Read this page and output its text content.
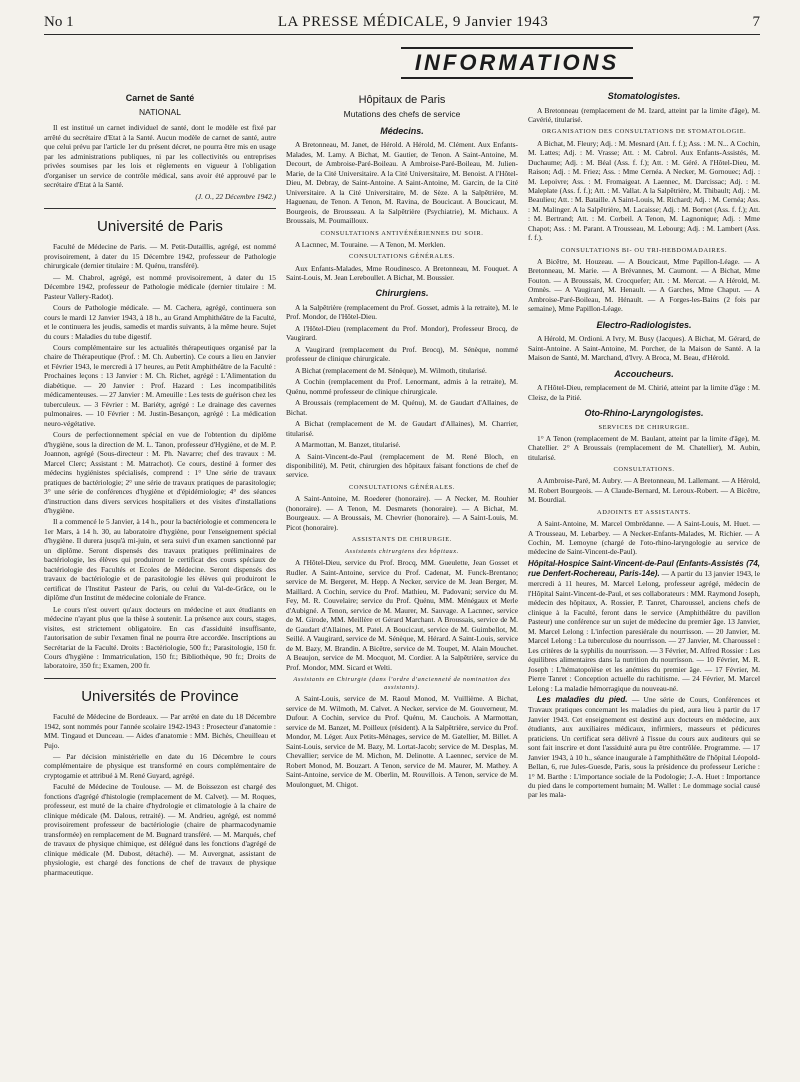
No 1	LA PRESSE MÉDICALE, 9 Janvier 1943	7
INFORMATIONS
Carnet de Santé
NATIONAL

Il est institué un carnet individuel de santé, dont le modèle est fixé par arrêté du secrétaire d'Etat à la Santé. Aucun modèle de carnet de santé, autre que celui prévu par l'article 1er du présent décret, ne pourra être mis en usage par les administrations publiques, ni par les collectivités ou entreprises privées soumises par les lois et règlements en vigueur à l'obligation d'organiser un service de contrôle médical, sans avoir été approuvé par le secrétaire d'Etat à la Santé.

(J. O., 22 Décembre 1942.)

Université de Paris

Faculté de Médecine de Paris. — M. Petit-Dutaillis, agrégé, est nommé provisoirement, à dater du 15 Décembre 1942, professeur de Pathologie chirurgicale (dernier titulaire : M. Quénu, transféré).

— M. Chabrol, agrégé, est nommé provisoirement, à dater du 15 Décembre 1942, professeur de Pathologie médicale (dernier titulaire : M. Pasteur Vallery-Radot).

Cours de Pathologie médicale. — M. Cachera, agrégé, continuera son cours le mardi 12 Janvier 1943, à 18 h., au Grand Amphithéâtre de la Faculté, et le continuera les jeudis, samedis et mardis suivants, à la même heure. Sujet du cours : Maladies du tube digestif.

Cours complémentaire sur les actualités thérapeutiques organisé par la chaire de Thérapeutique (Prof. : M. Ch. Aubertin). Ce cours a lieu en Janvier et Février 1943, le mercredi à 17 heures, au Petit Amphithéâtre de la Faculté : Prochaines leçons : 13 Janvier : M. Ch. Richet, agrégé : L'Alimentation du diabétique. — 20 Janvier : Prof. Hazard : Les incompatibilités médicamenteuses. — 27 Janvier : M. Ameuille : Les tests de guérison chez les tuberculeux. — 3 Février : M. Bariéty, agrégé : Le drainage des cavernes pulmonaires. — 10 Février : M. Justin-Besançon, agrégé : La médication neuro-végétative.

Cours de perfectionnement spécial en vue de l'obtention du diplôme d'hygiène, sous la direction de M. L. Tanon, professeur d'Hygiène, et de M. P. Joannon, agrégé (Sous-directeur : M. Ph. Navarre; chef des travaux : M. Marcel Clerc; Assistant : M. Matrachot). Ce cours, destiné à former des médecins hygiénistes spécialisés, comprend : 1° Une série de travaux pratiques de bactériologie; 2° une série de travaux pratiques de parasitologie; 3° une série de conférences d'hygiène et d'épidémiologie; 4° des séances d'instruction dans divers services hospitaliers et des visites d'installations d'hygiène.

Il a commencé le 5 Janvier, à 14 h., pour la bactériologie et commencera le 1er Mars, à 14 h. 30, au laboratoire d'hygiène, pour l'enseignement spécial d'hygiène. Il durera jusqu'à mi-juin, et sera suivi d'un examen sanctionné par un diplôme. Seront dispensés des travaux pratiques préliminaires de bactériologie, les élèves qui produiront le certificat des cours spéciaux de bactériologie des Facultés et Ecoles de Médecine. Seront dispensés des travaux de bactériologie et de parasitologie les élèves qui produiront le certificat de l'Institut Pasteur de Paris, ou celui du Val-de-Grâce, ou le diplôme d'un Institut de médecine coloniale de France.

Le cours n'est ouvert qu'aux docteurs en médecine et aux étudiants en médecine n'ayant plus que la thèse à soutenir. La présence aux cours, stages, visites, est strictement obligatoire. En cas d'assiduité insuffisante, l'autorisation de subir l'examen final ne pourra être accordée. Inscriptions au Secrétariat de la Faculté. Droits : Bactériologie, 500 fr.; Parasitologie, 150 fr. Cours d'hygiène : Immatriculation, 150 fr.; Bibliothèque, 90 fr.; Droits de laboratoire, 350 fr.; Examen, 200 fr.

Universités de Province

Faculté de Médecine de Bordeaux. — Par arrêté en date du 18 Décembre 1942, sont nommés pour l'année scolaire 1942-1943 : Prosecteur d'anatomie : MM. Tingaud et Dunceau. — Aides d'anatomie : MM. Bichès, Cheuilleau et Pujo.

— Par décision ministérielle en date du 16 Décembre le cours complémentaire de physique est transformé en cours complémentaire de cryptogamie et attribué à M. René Guyard, agrégé.

Faculté de Médecine de Toulouse. — M. de Boissezon est chargé des fonctions d'agrégé d'histologie (remplacement de M. Calvet). — M. Roques, professeur, est muté de la chaire d'hydrologie et climatologie à la chaire de clinique médicale (M. Dalous, retraité). — M. Andrieu, agrégé, est nommé provisoirement professeur de bactériologie (chaire de pharmacodynamie transformée) en remplacement de M. Bugnard transféré. — M. Marqués, chef de travaux de physique chimique, est délégué dans les fonctions d'agrégé de clinique médicale (M. Dubost, détaché). — M. Auvergnat, assistant de physiologie, est chargé des fonctions de chef de travaux de physique pharmaceutique.

Hôpitaux de Paris
Mutations des chefs de service
Médecins.

A Bretonneau, M. Janet, de Hérold. A Hérold, M. Clément. Aux Enfants-Malades, M. Lamy. A Bichat, M. Gautier, de Tenon. A Saint-Antoine, M. Decourt, de Ambroise-Paré-Boileau. A Ambroise-Paré-Boileau, M. Julien-Marie, de la Cité Universitaire. A la Cité Universitaire, M. Benoist. A l'Hôtel-Dieu, M. Debray, de Saint-Antoine. A Saint-Antoine, M. Garcin, de la Cité Universitaire. A la Cité Universitaire, M. de Sèze. A la Salpêtrière, M. Haguenau, de Tenon. A Tenon, M. Ravina, de Boucicaut. A Boucicaut, M. Bourgeois, de Brousseau. A la Salpêtrière (Psychiatrie), M. Michaux. A Broussais, M. Poumailloux.

CONSULTATIONS ANTIVÉNÉRIENNES DU SOIR.

A Lacnnec, M. Touraine. — A Tenon, M. Merklen.

CONSULTATIONS GÉNÉRALES.

Aux Enfants-Malades, Mme Roudinesco. A Bretonneau, M. Fouquet. A Saint-Louis, M. Jean Lereboullet. A Bichat, M. Boussier.

Chirurgiens.

A la Salpêtrière (remplacement du Prof. Gosset, admis à la retraite), M. le Prof. Mondor, de l'Hôtel-Dieu.

A l'Hôtel-Dieu (remplacement du Prof. Mondor), Professeur Brocq, de Vaugirard.

A Vaugirard (remplacement du Prof. Brocq), M. Sénèque, nommé professeur de clinique chirurgicale.

A Bichat (remplacement de M. Sénèque), M. Wilmoth, titularisé.

A Cochin (remplacement du Prof. Lenormant, admis à la retraite), M. Quénu, nommé professeur de clinique chirurgicale.

A Broussais (remplacement de M. Quénu), M. de Gaudart d'Allaines, de Bichat.

A Bichat (remplacement de M. de Gaudart d'Allaines), M. Charrier, titularisé.

A Marmottan, M. Banzet, titularisé.

A Saint-Vincent-de-Paul (remplacement de M. René Bloch, en disponibilité), M. Petit, chirurgien des hôpitaux faisant fonctions de chef de service.

CONSULTATIONS GÉNÉRALES.

A Saint-Antoine, M. Roederer (honoraire). — A Necker, M. Rouhier (honoraire). — A Tenon, M. Desmarets (honoraire). — A Bichat, M. Bourgeaux. — A Broussais, M. Chevrier (honoraire). — A Saint-Louis, M. Picot (honoraire).

ASSISTANTS DE CHIRURGIE.
Assistants chirurgiens des hôpitaux.

A l'Hôtel-Dieu, service du Prof. Brocq, MM. Gueulette, Jean Gosset et Rudler. A Saint-Antoine, service du Prof. Cadenat, M. Funck-Brentano; service de M. Bergeret, M. Hepp. A Necker, service de M. Jean Berger, M. Maillard. A Cochin, service du Prof. Mathieu, M. Padovani; service du M. Fey, M. R. Couvelaire; service du Prof. Quénu, MM. Ménégaux et Merle d'Aubigné. A Tenon, service de M. Maurer, M. Sauvage. A Lacnnec, service de M. Girode, MM. Meillère et Gérard Marchant. A Broussais, service de M. de Gaudart d'Allaines, M. Patel. A Boucicaut, service de M. Guimbellot, M. Seillé. A Vaugirard, service de M. Sénèque, M. Hérard. A Saint-Louis, service de M. Bazy, M. Brandin. A Bicêtre, service de M. Toupet, M. Alain Mouchet. A Beaujon, service de M. Mocquot, M. Cordier. A la Salpêtrière, service du Prof. Mondor, MM. Sicard et Welti.

Assistants en Chirurgie (dans l'ordre d'ancienneté de nomination des assistants).

A Saint-Louis, service de M. Raoul Monod, M. Vuillième. A Bichat, service de M. Wilmoth, M. Calvet. A Necker, service de M. Gouverneur, M. Dufour. A Cochin, service du Prof. Quénu, M. Cauchois. A Marmottan, service de M. Banzet, M. Poilleux (résident). A la Salpêtrière, service du Prof. Mondor, M. Léger. Aux Petits-Ménages, service de M. Gatellier, M. Billet. A Saint-Louis, service de M. Bazy, M. Lortat-Jacob; service de M. Desplas, M. Chevallier; service de M. Michon, M. Delinotte. A Laennec, service de M. Robert Monod, M. Bouzart. A Tenon, service de M. Maurer, M. Mathey. A Saint-Antoine, service de M. Oberlin, M. Rouvillois. A Tenon, service de M. Moulonguet, M. Chigot.

Stomatologistes.

A Bretonneau (remplacement de M. Izard, atteint par la limite d'âge), M. Cavérié, titularisé.

ORGANISATION DES CONSULTATIONS DE STOMATOLOGIE.

A Bichat, M. Fleury; Adj. : M. Mesnard (Att. f. f.); Ass. : M. N... A Cochin, M. Lattes; Adj. : M. Vrasse; Att. : M. Cabrol. Aux Enfants-Assistés, M. Duchaume; Adj. : M. Béal (Ass. f. f.); Att. : M. Géré. A l'Hôtel-Dieu, M. Raison; Adj. : M. Friez; Ass. : Mme Cernéa. A Necker, M. Gornouec; Adj. : M. Lepoivre; Ass. : M. Fromaigeat. A Laennec, M. Darcissac; Adj. : M. Maleplate (Ass. f. f.); Att. : M. Vallat. A la Salpêtrière, M. Thibault; Adj. : M. Beaulieu; Att. : M. Bataille. A Saint-Louis, M. Richard; Adj. : M. Cernéa; Ass. : M. Malinger. A la Salpêtrière, M. Lacaisse; Adj. : M. Bornet (Ass. f. f.); Att. : M. Bertrand; Att. : M. Corbeil. A Tenon, M. Lagnonique; Adj. : Mme Chapot; Ass. : M. Parant. A Trousseau, M. Lebourg; Adj. : M. Lambert (Ass. f. f.).

CONSULTATIONS BI- OU TRI-HEBDOMADAIRES.

A Bicêtre, M. Houzeau. — A Boucicaut, Mme Papillon-Léage. — A Bretonneau, M. Marie. — A Brévannes, M. Caumont. — A Bichat, Mme Fouton. — A Broussais, M. Crocquefer; Att. : M. Mercat. — A Hérold, M. Omnès. — A Vaugirard, M. Henault. — A Garches, Mme Chaput. — A Ambroise-Paré-Boileau, M. Hénault. — A Forges-les-Bains (2 fois par semaine), Mme Papillon-Léage.

Electro-Radiologistes.

A Hérold, M. Ordioni. A Ivry, M. Busy (Jacques). A Bichat, M. Gérard, de Saint-Antoine. A Saint-Antoine, M. Porcher, de la Maison de Santé. A la Maison de Santé, M. Marchand, d'Ivry. A Broca, M. Beau, d'Hérold.

Accoucheurs.

A l'Hôtel-Dieu, remplacement de M. Chirié, atteint par la limite d'âge : M. Cleisz, de la Pitié.

Oto-Rhino-Laryngologistes.
SERVICES DE CHIRURGIE.

1° A Tenon (remplacement de M. Baulant, atteint par la limite d'âge), M. Chatellier. 2° A Broussais (remplacement de M. Chatellier), M. Aubin, titularisé.

CONSULTATIONS.

A Ambroise-Paré, M. Aubry. — A Bretonneau, M. Lallemant. — A Hérold, M. Robert Bourgeois. — A Claude-Bernard, M. Leroux-Robert. — A Bicêtre, M. Bourdial.

ADJOINTS ET ASSISTANTS.

A Saint-Antoine, M. Marcel Ombrédanne. — A Saint-Louis, M. Huet. — A Trousseau, M. Lebarbey. — A Necker-Enfants-Malades, M. Richier. — A Cochin, M. Lemoyne (chargé de l'oto-rhino-laryngologie au service de médecine de Saint-Vincent-de-Paul).

Hôpital-Hospice Saint-Vincent-de-Paul (Enfants-Assistés (74, rue Denfert-Rochereau, Paris-14e). — A partir du 13 janvier 1943, le mercredi à 11 heures, M. Marcel Lelong, professeur agrégé, médecin de l'Hôpital Saint-Vincent-de-Paul, et ses collaborateurs : MM. Raymond Joseph, médecin des hôpitaux, A. Rossier, P. Tanret, Charoussel, anciens chefs de clinique à la Faculté, feront dans le service (Amphithéâtre du pavillon Pasteur) une conférence sur un sujet de médecine du premier âge. 13 Janvier, M. Marcel Lelong : L'infection paresiérale du nourrisson. — 20 Janvier, M. Marcel Lelong : La tuberculose du nourrisson. — 27 Janvier, M. Charoussel : Les critères de la syphilis du nourrisson. — 3 Février, M. Alfred Rossier : Les équilibres alimentaires dans la nutrition du nourrisson. — 10 Février, M. R. Joseph : L'hématopoïèse et les anémies du premier âge. — 17 Février, M. Pierre Tanret : Conception actuelle du rachitisme. — 24 Février, M. Marcel Lelong : La maladie hémorragique du nouveau-né.

Les maladies du pied. — Une série de Cours, Conférences et Travaux pratiques concernant les maladies du pied, aura lieu à partir du 17 Janvier 1943. Cet enseignement est destiné aux docteurs en médecine, aux étudiants, aux auxiliaires médicaux, infirmiers, masseurs et pédicures praticiens. Un certificat sera délivré à l'issue du cours aux auditeurs qui se sont fait inscrire et dont l'assiduité aura pu être contrôlée. Programme. — 17 Janvier 1943, à 10 h., séance inaugurale à l'amphithéâtre de l'hôpital Léopold-Bellan, 6, rue Jules-Guesde, Paris, sous la présidence du professeur Leriche : 1° M. Barthe : L'importance sociale de la Podologie; J.-A. Huet : Importance du pied dans le comportement humain; M. Wallet : Le dommage social causé par les mala-
